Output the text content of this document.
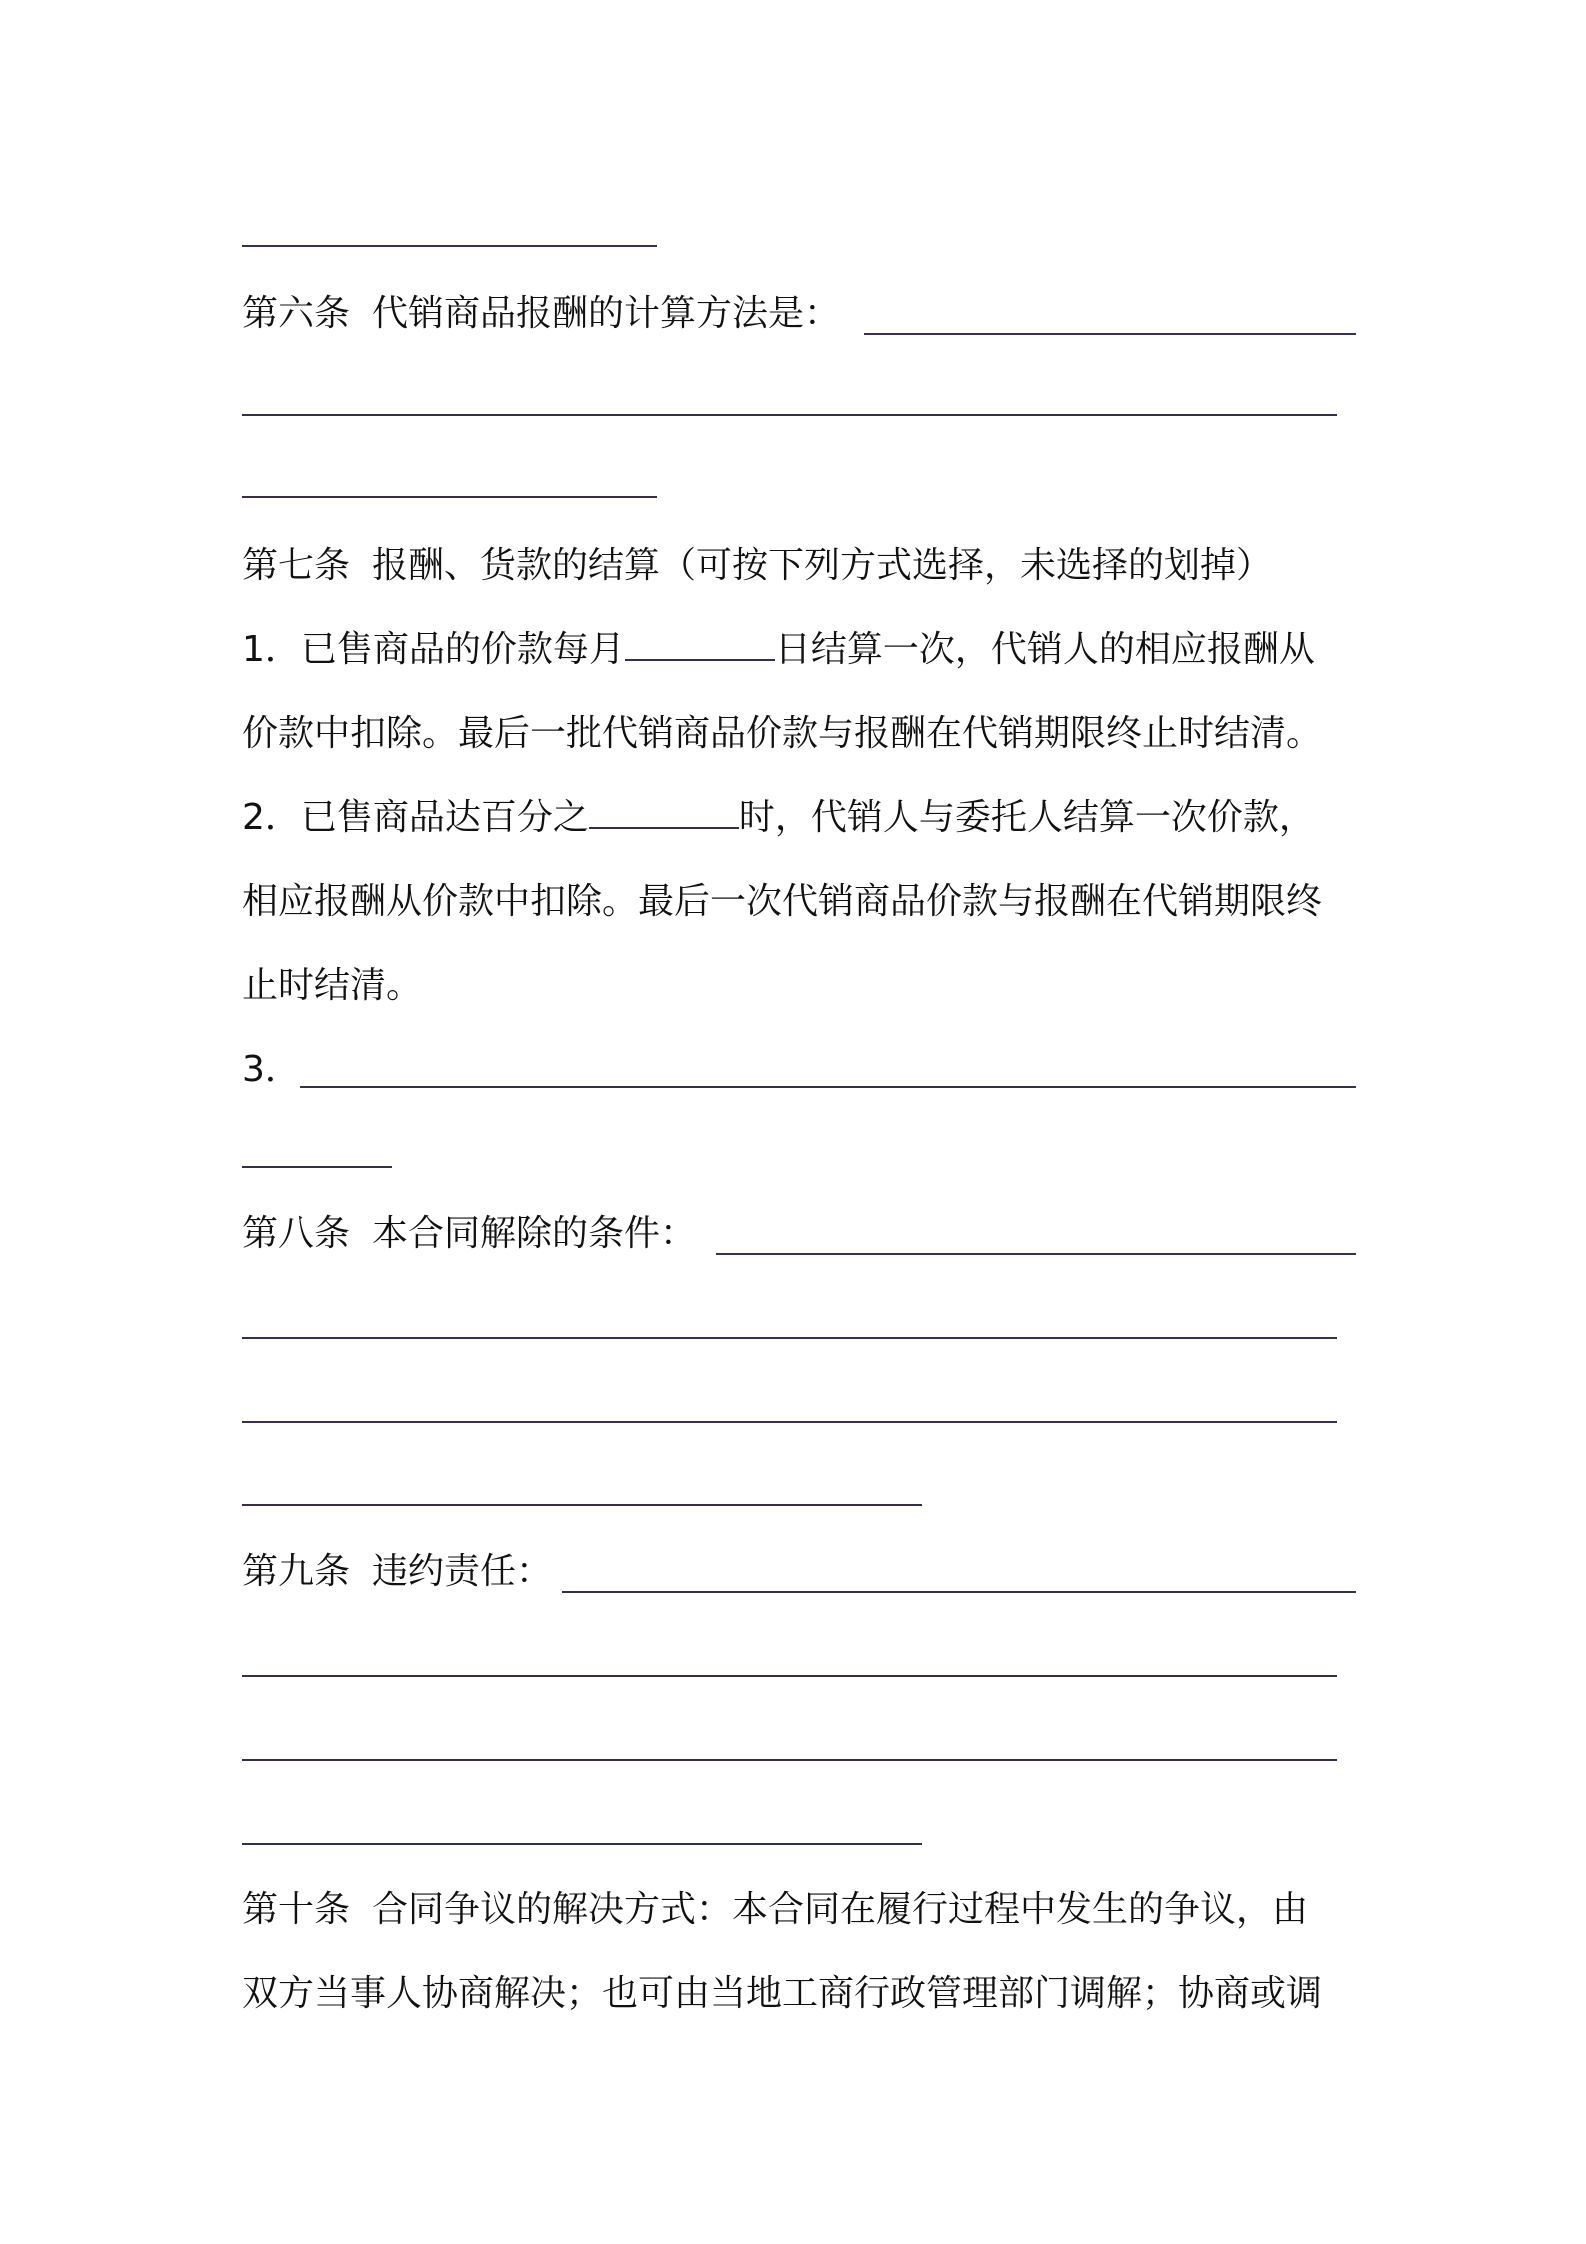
第六条 代销商品报酬的计算方法是：
第七条 报酬、货款的结算（可按下列方式选择，未选择的划掉）
1．已售商品的价款每月	日结算一次，代销人的相应报酬从
价款中扣除。最后一批代销商品价款与报酬在代销期限终止时结清。
2．已售商品达百分之	时，代销人与委托人结算一次价款，
相应报酬从价款中扣除。最后一次代销商品价款与报酬在代销期限终
止时结清。
3．
第八条 本合同解除的条件：
第九条 违约责任：
第十条 合同争议的解决方式：本合同在履行过程中发生的争议，由
双方当事人协商解决；也可由当地工商行政管理部门调解；协商或调
